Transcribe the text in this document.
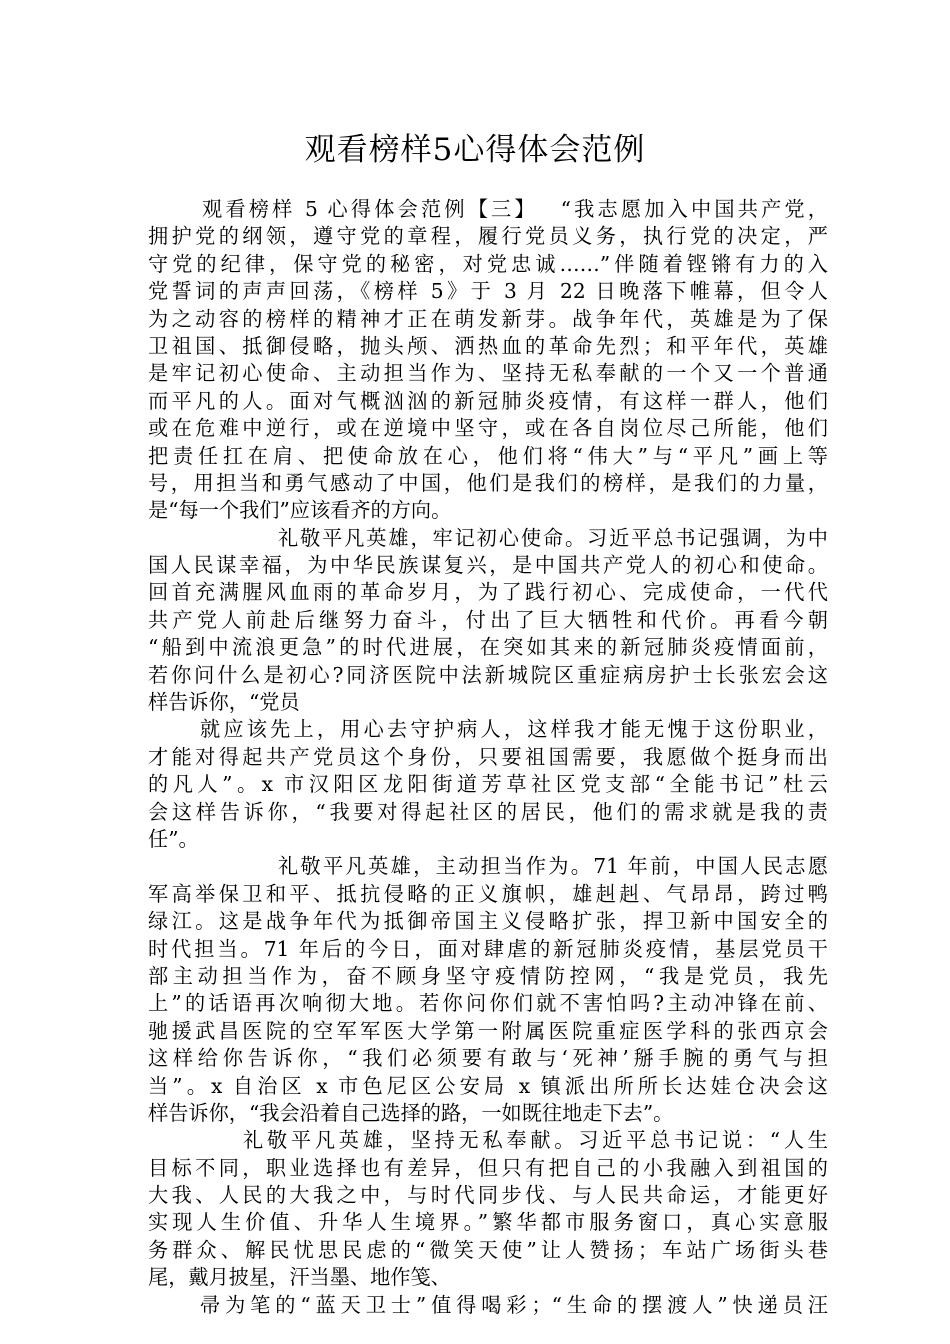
观看榜样5心得体会范例
观看榜样 5 心得体会范例【三】　 “我志愿加入中国共产党，
拥护党的纲领，遵守党的章程，履行党员义务，执行党的决定，严
守党的纪律，保守党的秘密，对党忠诚……”伴随着铿锵有力的入
党誓词的声声回荡，《榜样 5》于 3 月 22 日晚落下帷幕，但令人
为之动容的榜样的精神才正在萌发新芽。战争年代，英雄是为了保
卫祖国、抵御侵略，抛头颅、洒热血的革命先烈；和平年代，英雄
是牢记初心使命、主动担当作为、坚持无私奉献的一个又一个普通
而平凡的人。面对气概汹汹的新冠肺炎疫情，有这样一群人，他们
或在危难中逆行，或在逆境中坚守，或在各自岗位尽己所能，他们
把责任扛在肩、把使命放在心，他们将“伟大”与“平凡”画上等
号，用担当和勇气感动了中国，他们是我们的榜样，是我们的力量，
是“每一个我们”应该看齐的方向。
礼敬平凡英雄，牢记初心使命。习近平总书记强调，为中
国人民谋幸福，为中华民族谋复兴，是中国共产党人的初心和使命。
回首充满腥风血雨的革命岁月，为了践行初心、完成使命，一代代
共产党人前赴后继努力奋斗，付出了巨大牺牲和代价。再看今朝
“船到中流浪更急”的时代进展，在突如其来的新冠肺炎疫情面前，
若你问什么是初心?同济医院中法新城院区重症病房护士长张宏会这
样告诉你，“党员
就应该先上，用心去守护病人，这样我才能无愧于这份职业，
才能对得起共产党员这个身份，只要祖国需要，我愿做个挺身而出
的凡人”。x 市汉阳区龙阳街道芳草社区党支部“全能书记”杜云
会这样告诉你，“我要对得起社区的居民，他们的需求就是我的责
任”。
礼敬平凡英雄，主动担当作为。71 年前，中国人民志愿
军高举保卫和平、抵抗侵略的正义旗帜，雄赳赳、气昂昂，跨过鸭
绿江。这是战争年代为抵御帝国主义侵略扩张，捍卫新中国安全的
时代担当。71 年后的今日，面对肆虐的新冠肺炎疫情，基层党员干
部主动担当作为，奋不顾身坚守疫情防控网，“我是党员，我先
上”的话语再次响彻大地。若你问你们就不害怕吗?主动冲锋在前、
驰援武昌医院的空军军医大学第一附属医院重症医学科的张西京会
这样给你告诉你，“我们必须要有敢与‘死神’掰手腕的勇气与担
当”。x 自治区 x 市色尼区公安局 x 镇派出所所长达娃仓决会这
样告诉你，“我会沿着自己选择的路，一如既往地走下去”。
礼敬平凡英雄，坚持无私奉献。习近平总书记说：“人生
目标不同，职业选择也有差异，但只有把自己的小我融入到祖国的
大我、人民的大我之中，与时代同步伐、与人民共命运，才能更好
实现人生价值、升华人生境界。”繁华都市服务窗口，真心实意服
务群众、解民忧思民虑的“微笑天使”让人赞扬；车站广场街头巷
尾，戴月披星，汗当墨、地作笺、
帚为笔的“蓝天卫士”值得喝彩；“生命的摆渡人”快递员汪
